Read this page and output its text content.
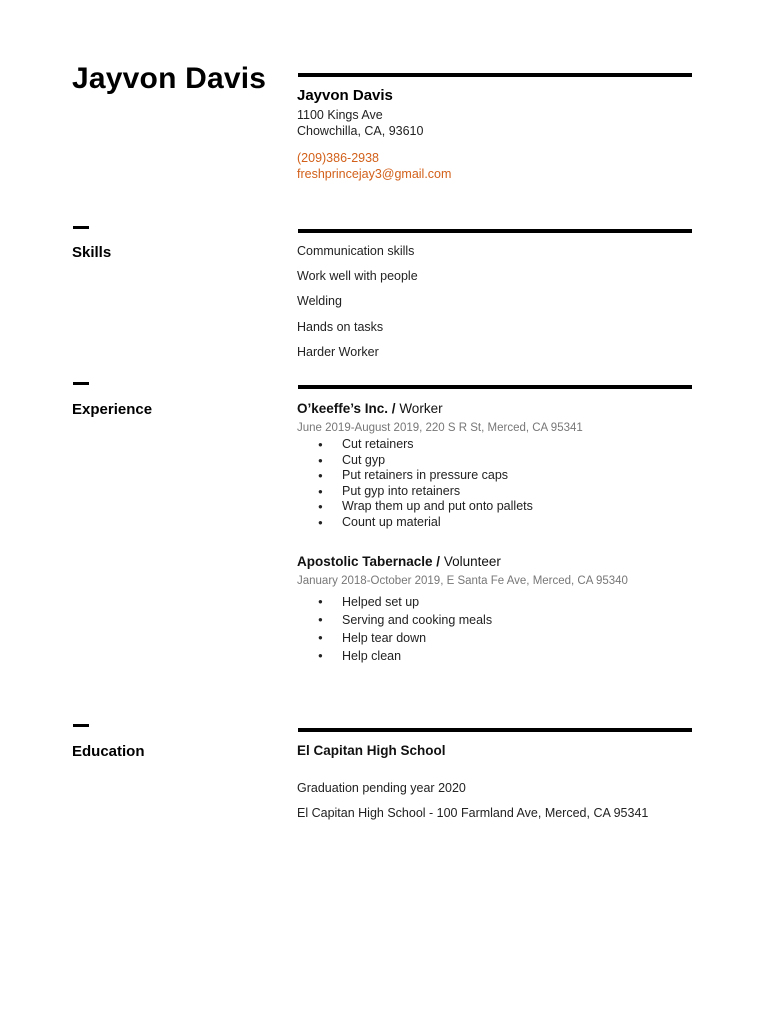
Jayvon Davis
Jayvon Davis
1100 Kings Ave
Chowchilla, CA, 93610
(209)386-2938
freshprincejay3@gmail.com
Skills	Communication skills
Work well with people
Welding
Hands on tasks
Harder Worker
Experience	O’keeffe’s Inc. / Worker
June 2019-August 2019, 220 S R St, Merced, CA 95341
● Cut retainers
● Cut gyp
● Put retainers in pressure caps
● Put gyp into retainers
● Wrap them up and put onto pallets
● Count up material
Apostolic Tabernacle / Volunteer
January 2018-October 2019, E Santa Fe Ave, Merced, CA 95340
● Helped set up
● Serving and cooking meals
● Help tear down
● Help clean
Education	El Capitan High School
Graduation pending year 2020
El Capitan High School - 100 Farmland Ave, Merced, CA 95341
